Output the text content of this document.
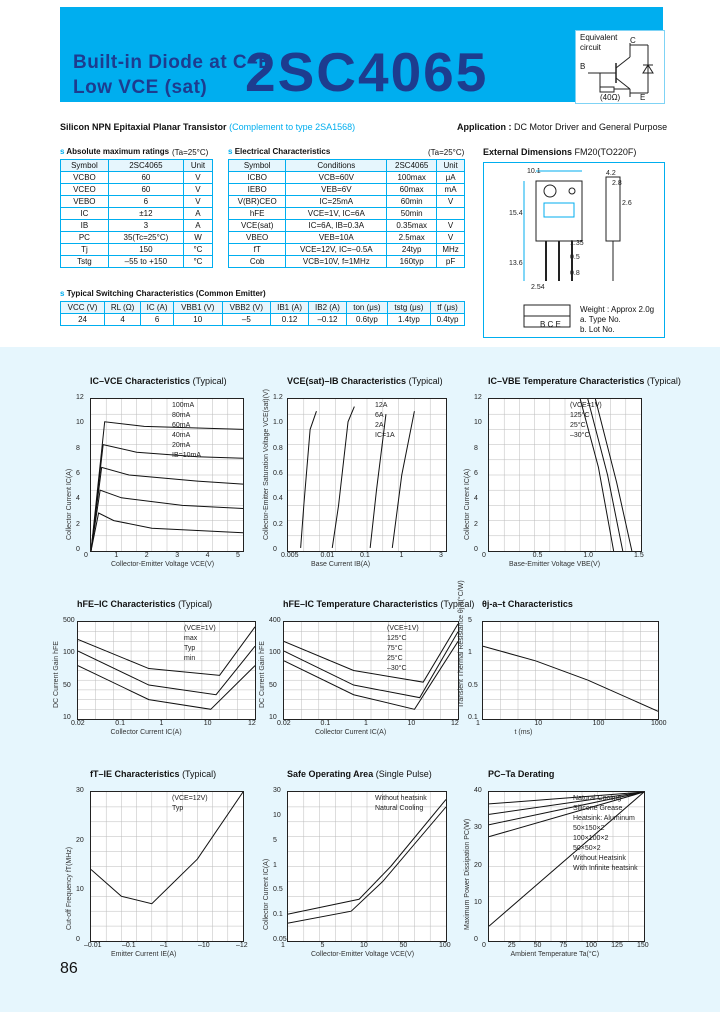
Built-in Diode at C–E
Low VCE (sat) 2SC4065
Equivalent
circuit
B
C
E
(40Ω)
Silicon NPN Epitaxial Planar Transistor (Complement to type 2SA1568)	Application : DC Motor Driver and General Purpose
s Absolute maximum ratings (Ta=25°C)
Symbol	2SC4065	Unit
VCBO	60	V
VCEO	60	V
VEBO	6	V
IC	±12	A
IB	3	A
PC	35(Tc=25°C)	W
Tj	150	°C
Tstg	–55 to +150	°C
s Electrical Characteristics	(Ta=25°C)
Symbol	Conditions	2SC4065	Unit
ICBO	VCB=60V	100max	μA
IEBO	VEB=6V	60max	mA
V(BR)CEO	IC=25mA	60min	V
hFE	VCE=1V, IC=6A	50min	
VCE(sat)	IC=6A, IB=0.3A	0.35max	V
VBEO	VEB=10A	2.5max	V
fT	VCE=12V, IC=–0.5A	24typ	MHz
Cob	VCB=10V, f=1MHz	160typ	pF
s Typical Switching Characteristics (Common Emitter)
VCC (V)	RL (Ω)	IC (A)	VBB1 (V)	VBB2 (V)	IB1 (A)	IB2 (A)	ton (μs)	tstg (μs)	tf (μs)
24	4	6	10	–5	0.12	–0.12	0.6typ	1.4typ	0.4typ
External Dimensions FM20(TO220F)
10.1	4.2
2.8
15.4
13.6
2.54
0.8
1.35
0.5
2.6
Weight : Approx 2.0g
a. Type No.
b. Lot No.
B C E
IC–VCE Characteristics (Typical)
0	1	2	3	4	5
0
2
4
6
8
10
12
Collector-Emitter Voltage VCE(V)
Collector Current IC(A)
100mA
80mA
60mA
40mA
20mA
IB=10mA
VCE(sat)–IB Characteristics (Typical)
0.005	0.01	0.1	1	3
0
0.2
0.4
0.6
0.8
1.0
1.2
Base Current IB(A)
Collector-Emitter Saturation Voltage VCE(sat)(V)	12A
6A
2A
IC=1A
IC–VBE Temperature Characteristics (Typical)
0	0.5	1.0	1.5
0
2
4
6
8
10
12
Base-Emitter Voltage VBE(V)
Collector Current IC(A)
(VCE=1V)
125°C
25°C
–30°C
hFE–IC Characteristics (Typical)
0.02	0.1	1	10	12
10
50
100
500
Collector Current IC(A)
DC Current Gain hFE
(VCE=1V)
max
Typ
min
hFE–IC Temperature Characteristics (Typical)
0.02	0.1	1	10	12
10
50
100
400
Collector Current IC(A)
DC Current Gain hFE
(VCE=1V)
125°C
75°C
25°C
–30°C
θj-a–t Characteristics
1	10	100	1000
0.1
0.5
1
5
t (ms)
Transient Thermal Resistance θj-a(°C/W)
fT–IE Characteristics (Typical)
–0.01	–0.1	–1	–10	–12
0
10
20
30
Emitter Current IE(A)
Cut-off Frequency fT(MHz)
(VCE=12V)
Typ
Safe Operating Area (Single Pulse)
1	5	10	50	100
0.05
0.1
0.5
1
5
10
30
Collector-Emitter Voltage VCE(V)
Collector Current IC(A)
Without heatsink
Natural Cooling
PC–Ta Derating
0	25	50	75	100 125 150
0
10
20
30
40
Ambient Temperature Ta(°C)
Maximum Power Dissipation PC(W)
Natural Cooling
Silicone Grease
Heatsink: Aluminum
50×150×2
100×100×2
50×50×2
Without Heatsink
With Infinite heatsink
86
